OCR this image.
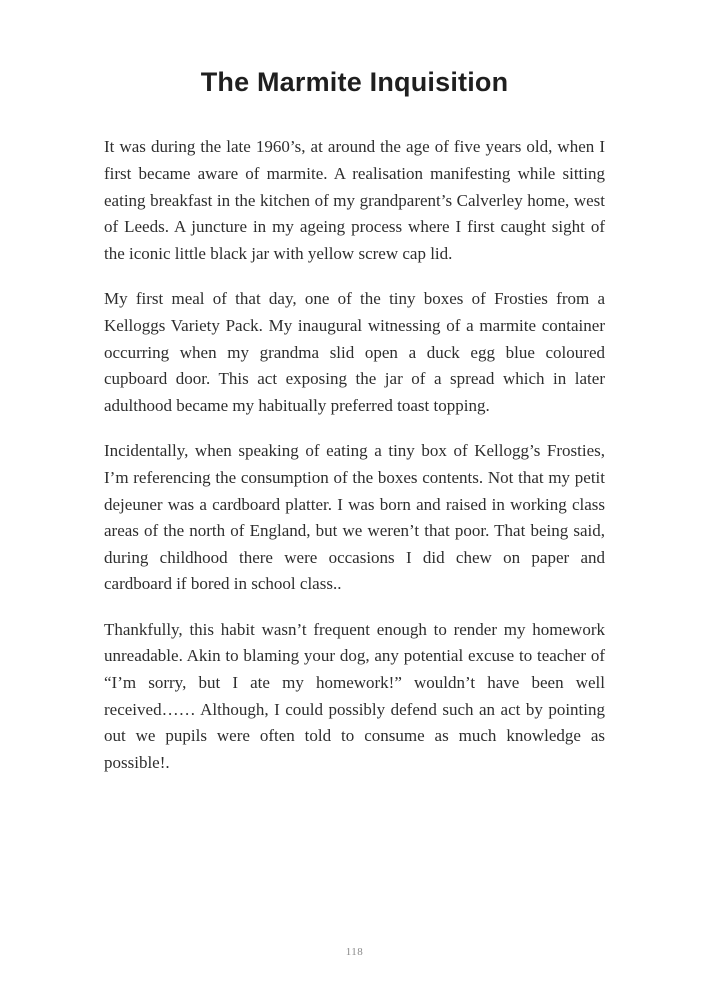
The Marmite Inquisition

It was during the late 1960’s, at around the age of five years old, when I first became aware of marmite. A realisation manifesting while sitting eating breakfast in the kitchen of my grandparent’s Calverley home, west of Leeds. A juncture in my ageing process where I first caught sight of the iconic little black jar with yellow screw cap lid.

My first meal of that day, one of the tiny boxes of Frosties from a Kelloggs Variety Pack. My inaugural witnessing of a marmite container occurring when my grandma slid open a duck egg blue coloured cupboard door. This act exposing the jar of a spread which in later adulthood became my habitually preferred toast topping.

Incidentally, when speaking of eating a tiny box of Kellogg’s Frosties, I’m referencing the consumption of the boxes contents. Not that my petit dejeuner was a cardboard platter. I was born and raised in working class areas of the north of England, but we weren’t that poor. That being said, during childhood there were occasions I did chew on paper and cardboard if bored in school class..

Thankfully, this habit wasn’t frequent enough to render my homework unreadable. Akin to blaming your dog, any potential excuse to teacher of “I’m sorry, but I ate my homework!” wouldn’t have been well received…… Although, I could possibly defend such an act by pointing out we pupils were often told to consume as much knowledge as possible!.

118
